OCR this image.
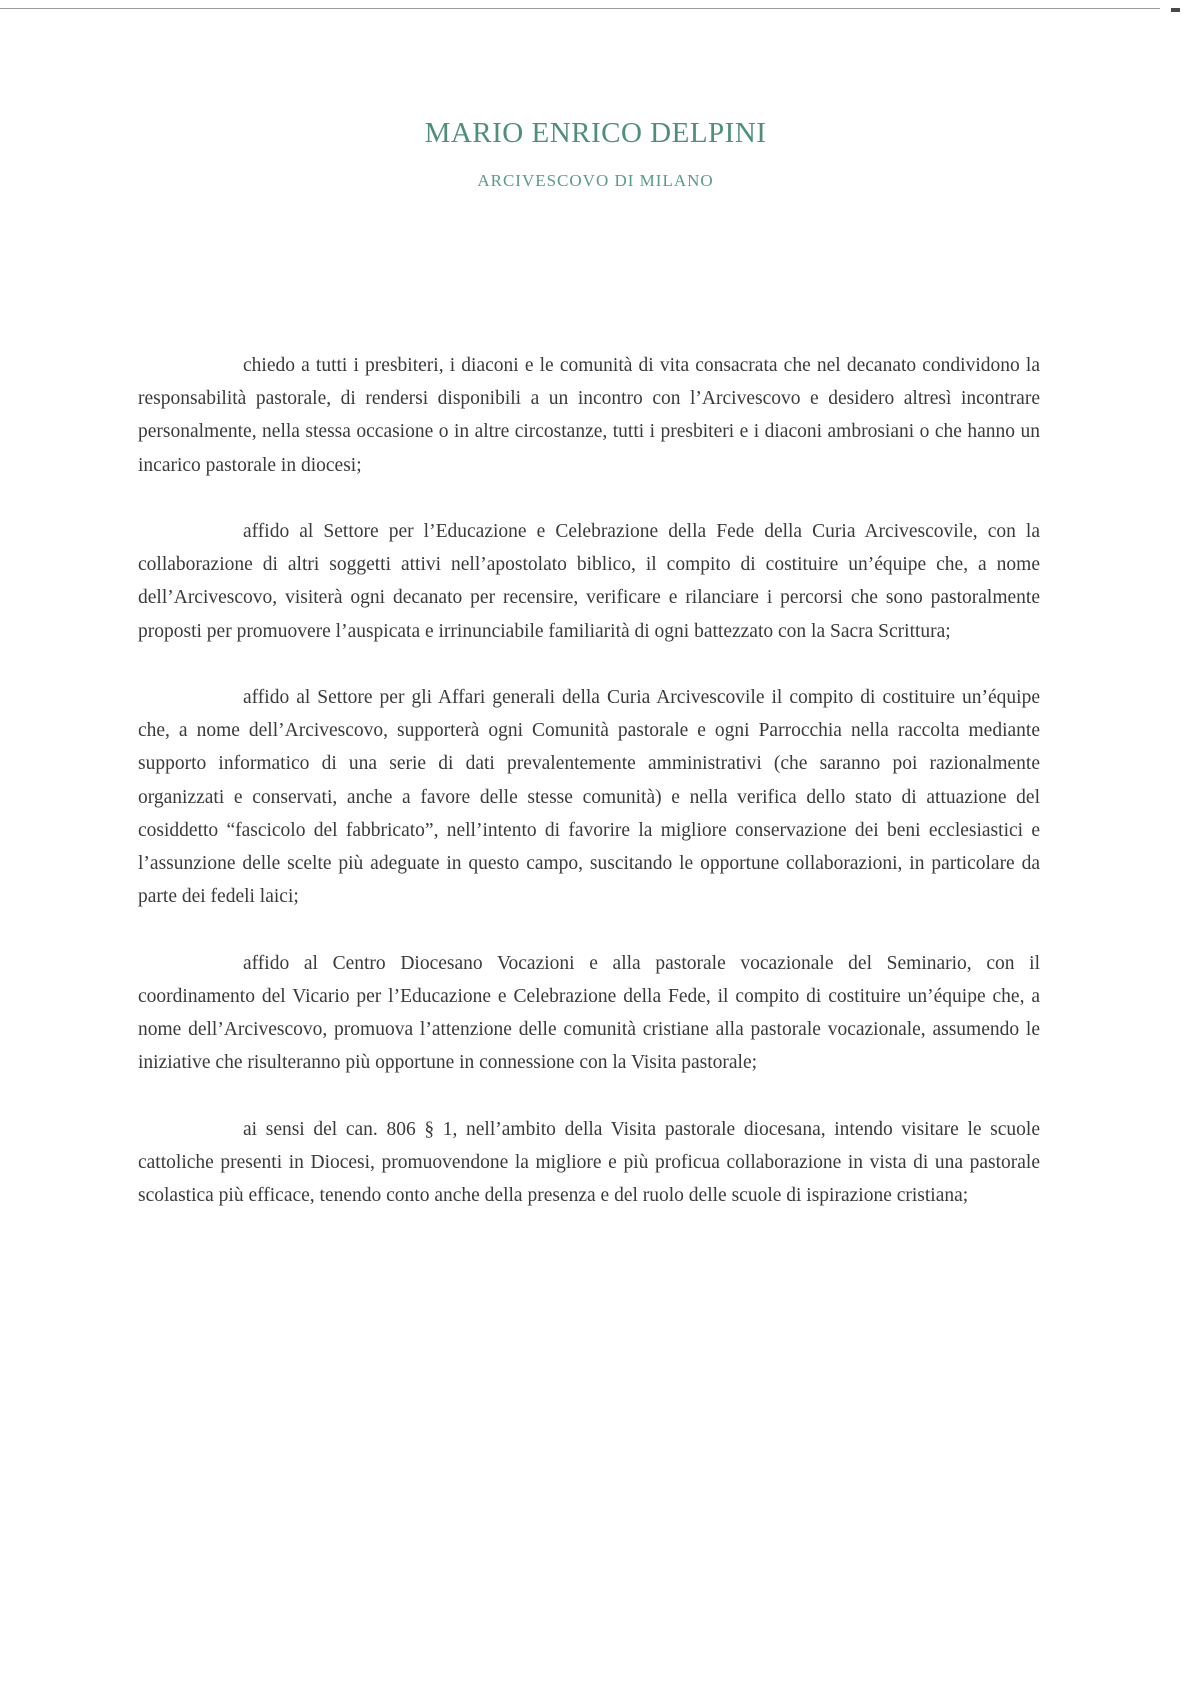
MARIO ENRICO DELPINI
ARCIVESCOVO DI MILANO

chiedo a tutti i presbiteri, i diaconi e le comunità di vita consacrata che nel decanato condividono la responsabilità pastorale, di rendersi disponibili a un incontro con l’Arcivescovo e desidero altresì incontrare personalmente, nella stessa occasione o in altre circostanze, tutti i presbiteri e i diaconi ambrosiani o che hanno un incarico pastorale in diocesi;

affido al Settore per l’Educazione e Celebrazione della Fede della Curia Arcivescovile, con la collaborazione di altri soggetti attivi nell’apostolato biblico, il compito di costituire un’équipe che, a nome dell’Arcivescovo, visiterà ogni decanato per recensire, verificare e rilanciare i percorsi che sono pastoralmente proposti per promuovere l’auspicata e irrinunciabile familiarità di ogni battezzato con la Sacra Scrittura;

affido al Settore per gli Affari generali della Curia Arcivescovile il compito di costituire un’équipe che, a nome dell’Arcivescovo, supporterà ogni Comunità pastorale e ogni Parrocchia nella raccolta mediante supporto informatico di una serie di dati prevalentemente amministrativi (che saranno poi razionalmente organizzati e conservati, anche a favore delle stesse comunità) e nella verifica dello stato di attuazione del cosiddetto “fascicolo del fabbricato”, nell’intento di favorire la migliore conservazione dei beni ecclesiastici e l’assunzione delle scelte più adeguate in questo campo, suscitando le opportune collaborazioni, in particolare da parte dei fedeli laici;

affido al Centro Diocesano Vocazioni e alla pastorale vocazionale del Seminario, con il coordinamento del Vicario per l’Educazione e Celebrazione della Fede, il compito di costituire un’équipe che, a nome dell’Arcivescovo, promuova l’attenzione delle comunità cristiane alla pastorale vocazionale, assumendo le iniziative che risulteranno più opportune in connessione con la Visita pastorale;

ai sensi del can. 806 § 1, nell’ambito della Visita pastorale diocesana, intendo visitare le scuole cattoliche presenti in Diocesi, promuovendone la migliore e più proficua collaborazione in vista di una pastorale scolastica più efficace, tenendo conto anche della presenza e del ruolo delle scuole di ispirazione cristiana;
